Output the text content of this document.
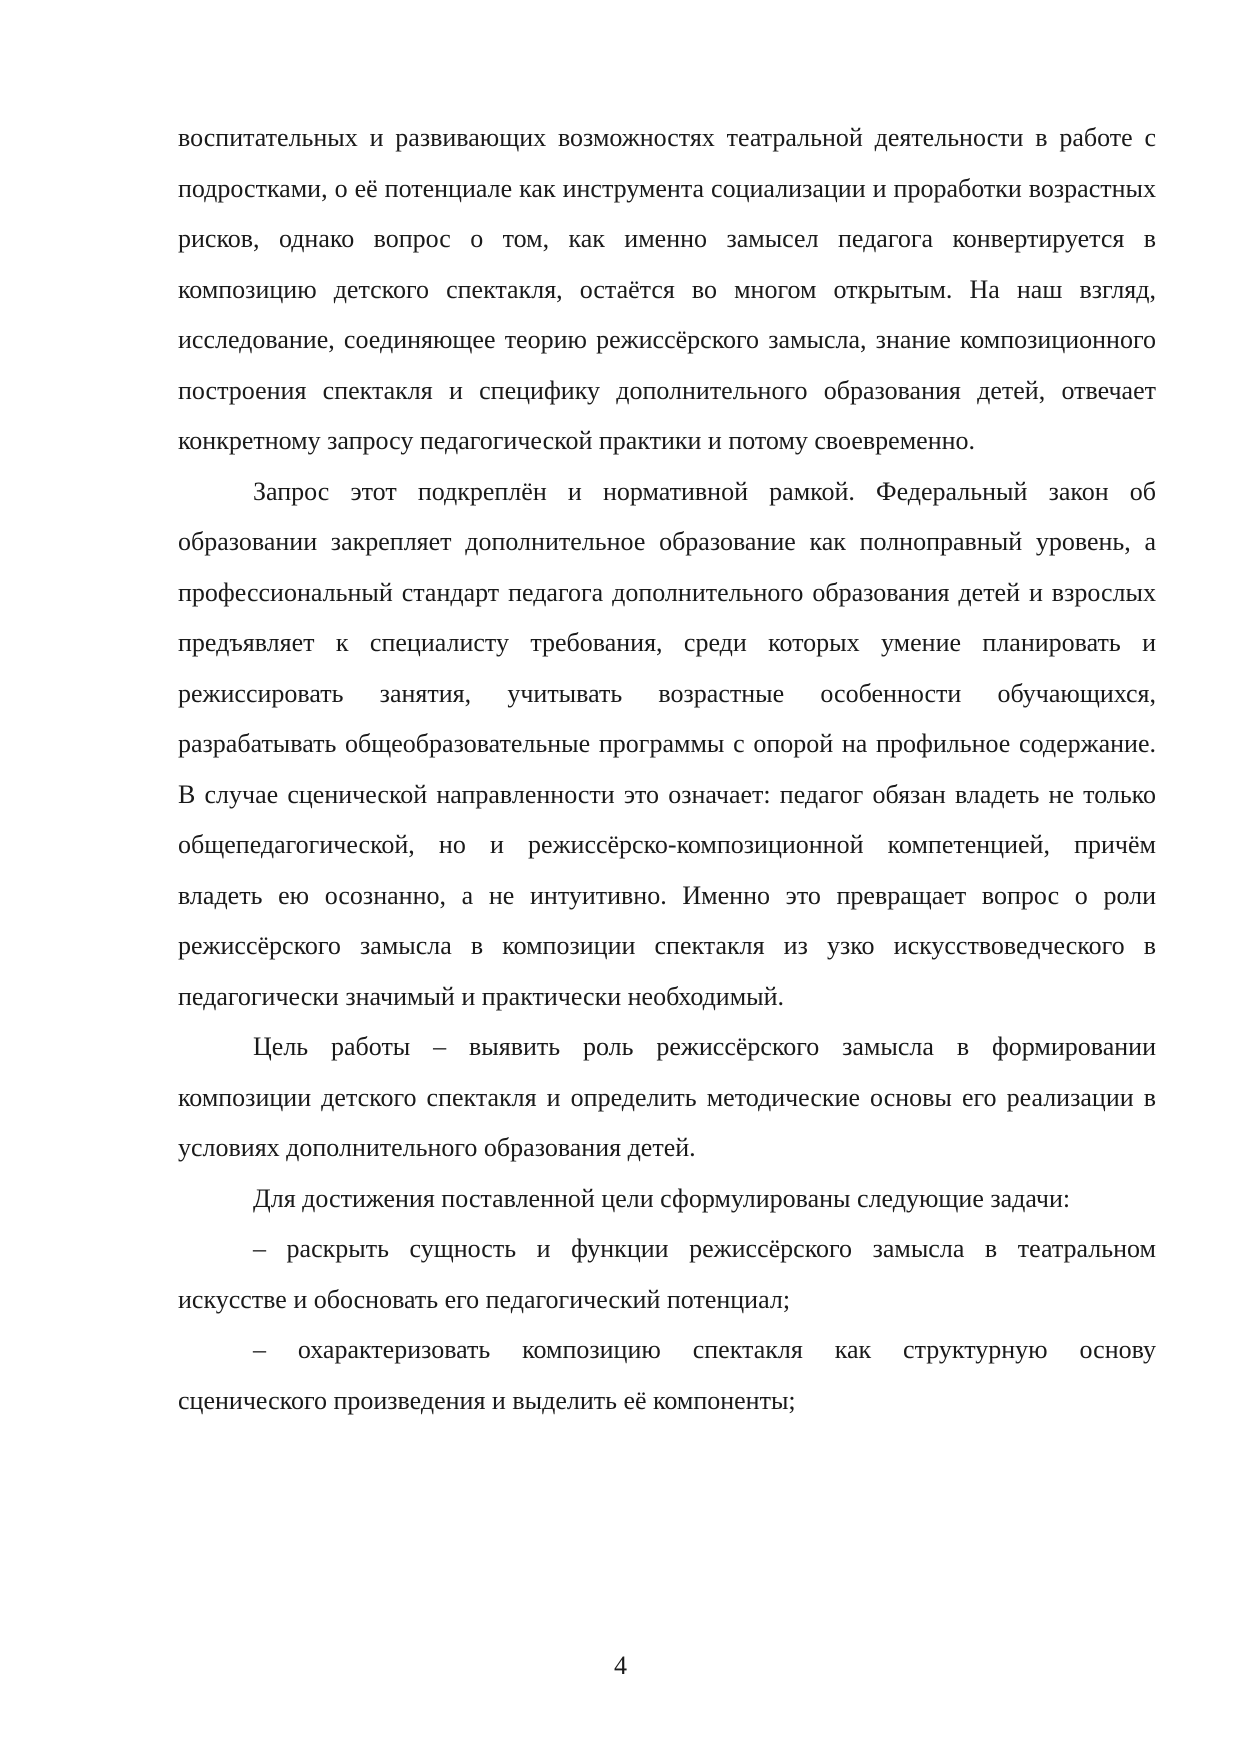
воспитательных и развивающих возможностях театральной деятельности в работе с подростками, о её потенциале как инструмента социализации и проработки возрастных рисков, однако вопрос о том, как именно замысел педагога конвертируется в композицию детского спектакля, остаётся во многом открытым. На наш взгляд, исследование, соединяющее теорию режиссёрского замысла, знание композиционного построения спектакля и специфику дополнительного образования детей, отвечает конкретному запросу педагогической практики и потому своевременно.

Запрос этот подкреплён и нормативной рамкой. Федеральный закон об образовании закрепляет дополнительное образование как полноправный уровень, а профессиональный стандарт педагога дополнительного образования детей и взрослых предъявляет к специалисту требования, среди которых умение планировать и режиссировать занятия, учитывать возрастные особенности обучающихся, разрабатывать общеобразовательные программы с опорой на профильное содержание. В случае сценической направленности это означает: педагог обязан владеть не только общепедагогической, но и режиссёрско-композиционной компетенцией, причём владеть ею осознанно, а не интуитивно. Именно это превращает вопрос о роли режиссёрского замысла в композиции спектакля из узко искусствоведческого в педагогически значимый и практически необходимый.

Цель работы – выявить роль режиссёрского замысла в формировании композиции детского спектакля и определить методические основы его реализации в условиях дополнительного образования детей.

Для достижения поставленной цели сформулированы следующие задачи:

– раскрыть сущность и функции режиссёрского замысла в театральном искусстве и обосновать его педагогический потенциал;

– охарактеризовать композицию спектакля как структурную основу сценического произведения и выделить её компоненты;

4
